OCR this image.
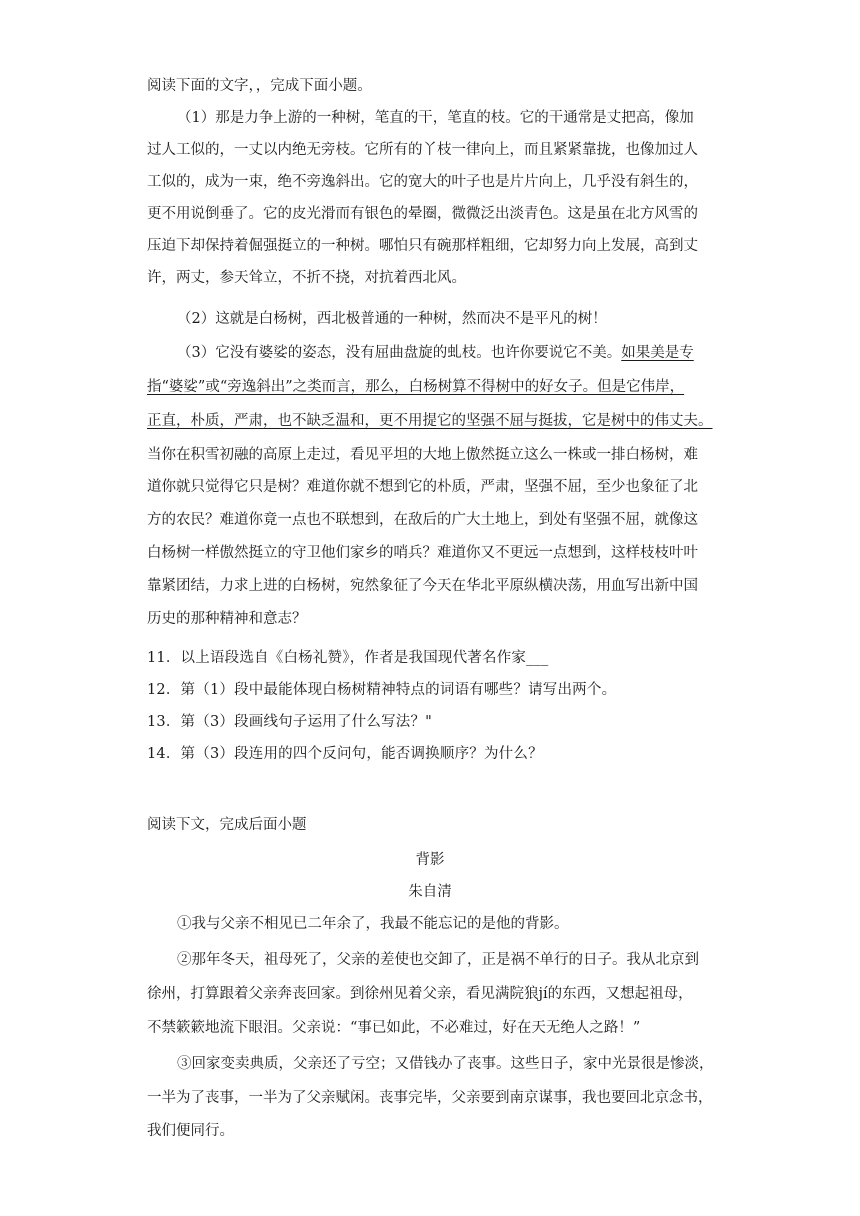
阅读下面的文字，，完成下面小题。
（1）那是力争上游的一种树，笔直的干，笔直的枝。它的干通常是丈把高，像加
过人工似的，一丈以内绝无旁枝。它所有的丫枝一律向上，而且紧紧靠拢，也像加过人
工似的，成为一束，绝不旁逸斜出。它的宽大的叶子也是片片向上，几乎没有斜生的，
更不用说倒垂了。它的皮光滑而有银色的晕圈，微微泛出淡青色。这是虽在北方风雪的
压迫下却保持着倔强挺立的一种树。哪怕只有碗那样粗细，它却努力向上发展，高到丈
许，两丈，参天耸立，不折不挠，对抗着西北风。
（2）这就是白杨树，西北极普通的一种树，然而决不是平凡的树！
（3）它没有婆娑的姿态，没有屈曲盘旋的虬枝。也许你要说它不美。如果美是专
指“婆娑”或“旁逸斜出”之类而言，那么，白杨树算不得树中的好女子。但是它伟岸，
正直，朴质，严肃，也不缺乏温和，更不用提它的坚强不屈与挺拔，它是树中的伟丈夫。
当你在积雪初融的高原上走过，看见平坦的大地上傲然挺立这么一株或一排白杨树，难
道你就只觉得它只是树？难道你就不想到它的朴质，严肃，坚强不屈，至少也象征了北
方的农民？难道你竟一点也不联想到，在敌后的广大土地上，到处有坚强不屈，就像这
白杨树一样傲然挺立的守卫他们家乡的哨兵？难道你又不更远一点想到，这样枝枝叶叶
靠紧团结，力求上进的白杨树，宛然象征了今天在华北平原纵横决荡，用血写出新中国
历史的那种精神和意志？
11．以上语段选自《白杨礼赞》，作者是我国现代著名作家___
12．第（1）段中最能体现白杨树精神特点的词语有哪些？请写出两个。
13．第（3）段画线句子运用了什么写法？"
14．第（3）段连用的四个反问句，能否调换顺序？为什么？
阅读下文，完成后面小题
背影
朱自清
①我与父亲不相见已二年余了，我最不能忘记的是他的背影。
②那年冬天，祖母死了，父亲的差使也交卸了，正是祸不单行的日子。我从北京到
徐州，打算跟着父亲奔丧回家。到徐州见着父亲，看见满院狼jí的东西，又想起祖母，
不禁簌簌地流下眼泪。父亲说：“事已如此，不必难过，好在天无绝人之路！”
③回家变卖典质，父亲还了亏空；又借钱办了丧事。这些日子，家中光景很是惨淡，
一半为了丧事，一半为了父亲赋闲。丧事完毕，父亲要到南京谋事，我也要回北京念书，
我们便同行。
